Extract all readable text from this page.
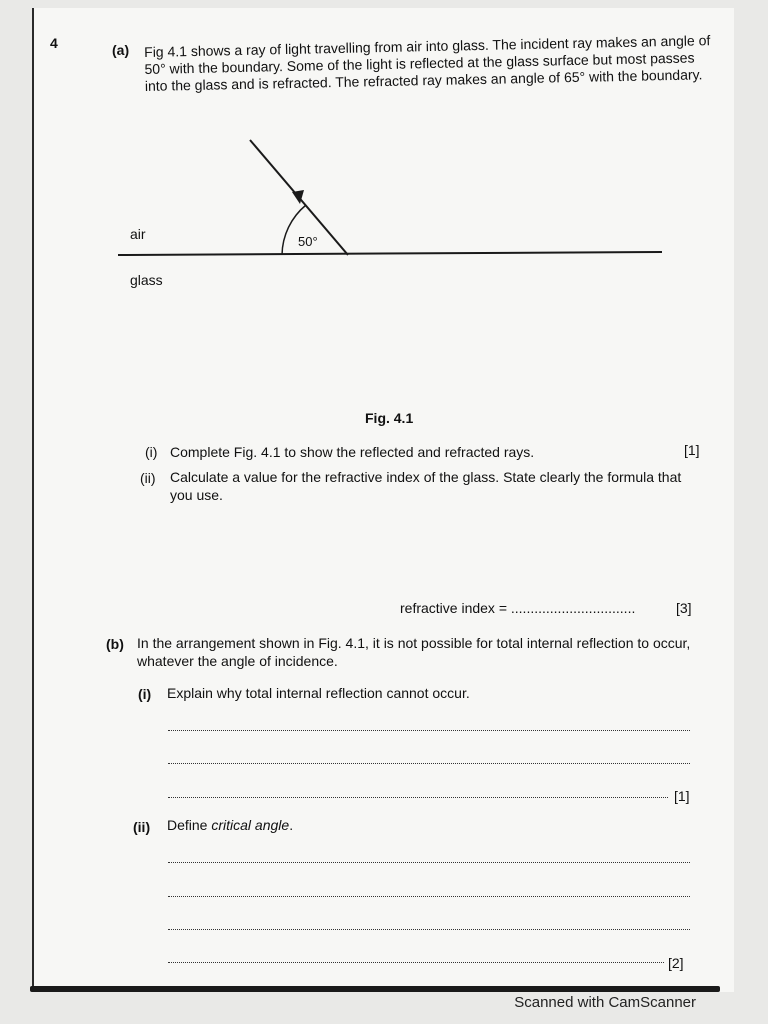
4	(a) Fig 4.1 shows a ray of light travelling from air into glass. The incident ray makes an angle of 50° with the boundary. Some of the light is reflected at the glass surface but most passes into the glass and is refracted. The refracted ray makes an angle of 65° with the boundary.
air	50°
glass
Fig. 4.1
(i) Complete Fig. 4.1 to show the reflected and refracted rays.	[1]
(ii) Calculate a value for the refractive index of the glass. State clearly the formula that you use.
refractive index = ................................	[3]
(b) In the arrangement shown in Fig. 4.1, it is not possible for total internal reflection to occur, whatever the angle of incidence.
(i) Explain why total internal reflection cannot occur.
[1]
(ii) Define critical angle.
[2]
Scanned with CamScanner
